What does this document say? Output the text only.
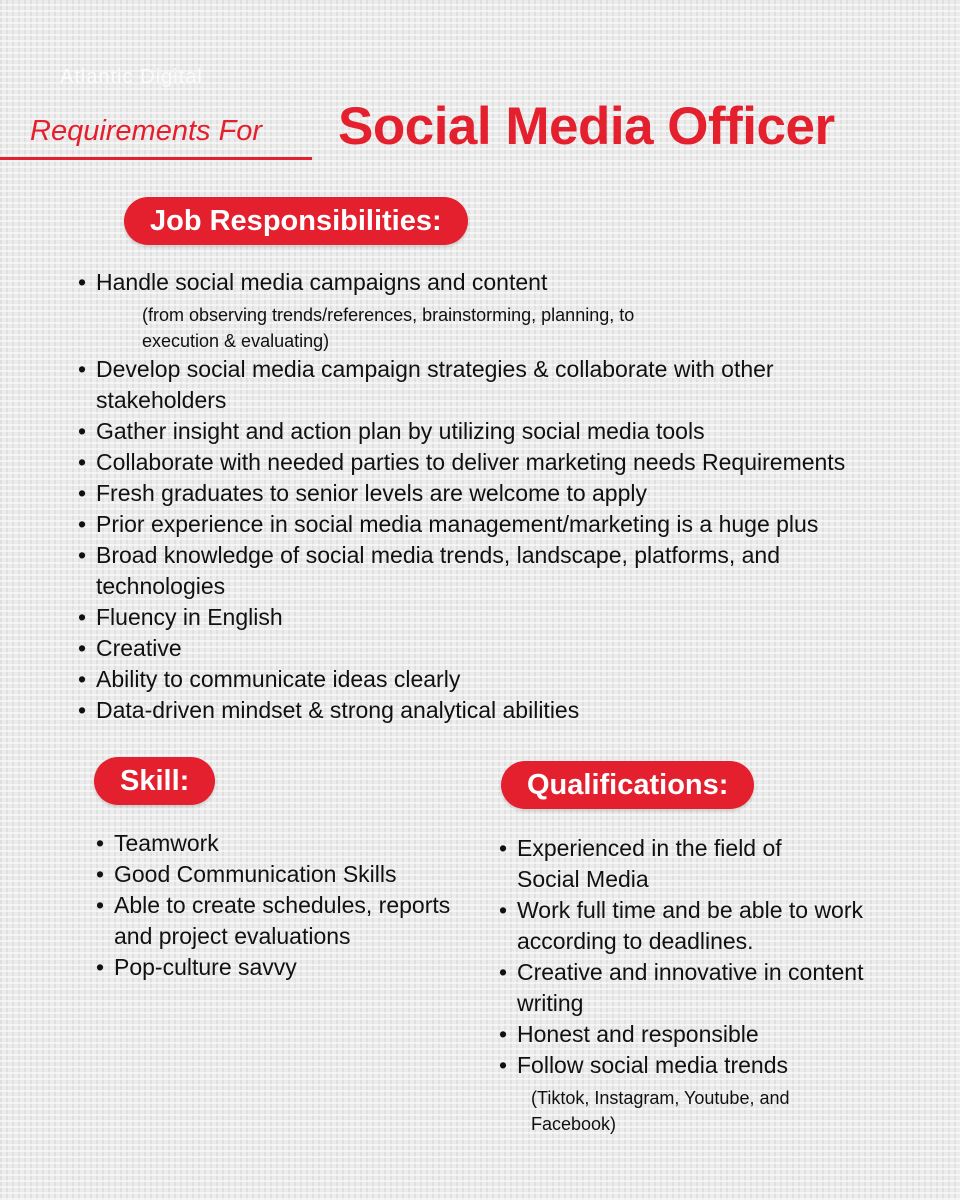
Atlantic Digital
Requirements For Social Media Officer
Job Responsibilities:
• Handle social media campaigns and content
(from observing trends/references, brainstorming, planning, to execution & evaluating)
• Develop social media campaign strategies & collaborate with other stakeholders
• Gather insight and action plan by utilizing social media tools
• Collaborate with needed parties to deliver marketing needs Requirements
• Fresh graduates to senior levels are welcome to apply
• Prior experience in social media management/marketing is a huge plus
• Broad knowledge of social media trends, landscape, platforms, and technologies
• Fluency in English
• Creative
• Ability to communicate ideas clearly
• Data-driven mindset & strong analytical abilities
Skill:
• Teamwork
• Good Communication Skills
• Able to create schedules, reports and project evaluations
• Pop-culture savvy
Qualifications:
• Experienced in the field of Social Media
• Work full time and be able to work according to deadlines.
• Creative and innovative in content writing
• Honest and responsible
• Follow social media trends
(Tiktok, Instagram, Youtube, and Facebook)
